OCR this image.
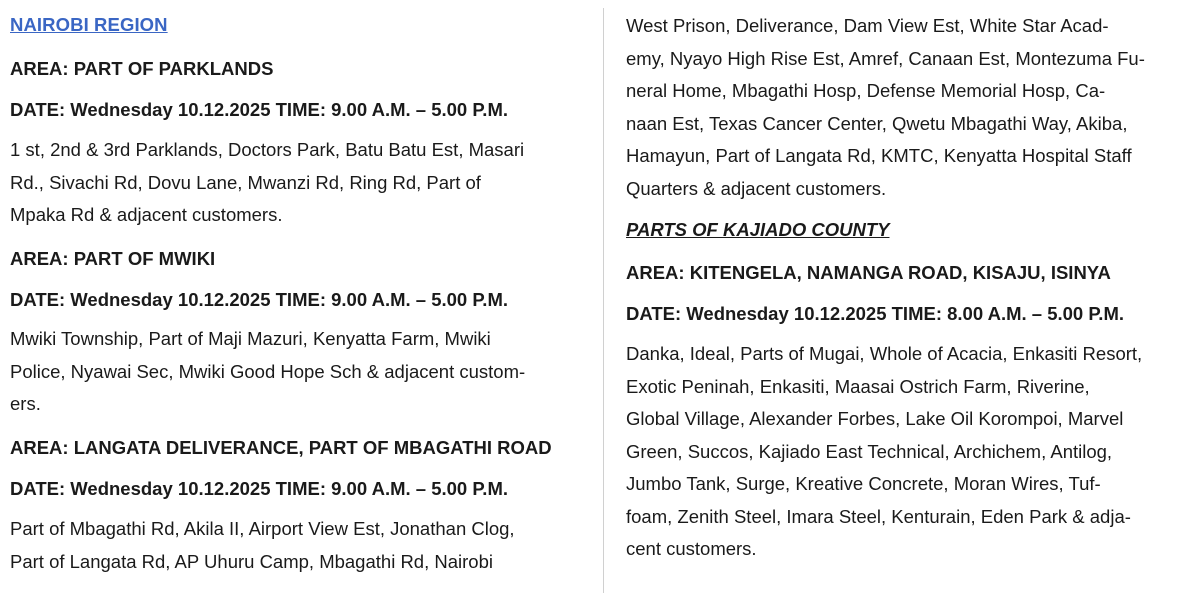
NAIROBI REGION
AREA: PART OF PARKLANDS
DATE: Wednesday 10.12.2025 TIME: 9.00 A.M. – 5.00 P.M.
1 st, 2nd & 3rd Parklands, Doctors Park, Batu Batu Est, Masari
Rd., Sivachi Rd, Dovu Lane, Mwanzi Rd, Ring Rd, Part of
Mpaka Rd & adjacent customers.
AREA: PART OF MWIKI
DATE: Wednesday 10.12.2025 TIME: 9.00 A.M. – 5.00 P.M.
Mwiki Township, Part of Maji Mazuri, Kenyatta Farm, Mwiki
Police, Nyawai Sec, Mwiki Good Hope Sch & adjacent custom-
ers.
AREA: LANGATA DELIVERANCE, PART OF MBAGATHI ROAD
DATE: Wednesday 10.12.2025 TIME: 9.00 A.M. – 5.00 P.M.
Part of Mbagathi Rd, Akila II, Airport View Est, Jonathan Clog,
Part of Langata Rd, AP Uhuru Camp, Mbagathi Rd, Nairobi
West Prison, Deliverance, Dam View Est, White Star Acad-
emy, Nyayo High Rise Est, Amref, Canaan Est, Montezuma Fu-
neral Home, Mbagathi Hosp, Defense Memorial Hosp, Ca-
naan Est, Texas Cancer Center, Qwetu Mbagathi Way, Akiba,
Hamayun, Part of Langata Rd, KMTC, Kenyatta Hospital Staff
Quarters & adjacent customers.
PARTS OF KAJIADO COUNTY
AREA: KITENGELA, NAMANGA ROAD, KISAJU, ISINYA
DATE: Wednesday 10.12.2025 TIME: 8.00 A.M. – 5.00 P.M.
Danka, Ideal, Parts of Mugai, Whole of Acacia, Enkasiti Resort,
Exotic Peninah, Enkasiti, Maasai Ostrich Farm, Riverine,
Global Village, Alexander Forbes, Lake Oil Korompoi, Marvel
Green, Succos, Kajiado East Technical, Archichem, Antilog,
Jumbo Tank, Surge, Kreative Concrete, Moran Wires, Tuf-
foam, Zenith Steel, Imara Steel, Kenturain, Eden Park & adja-
cent customers.
